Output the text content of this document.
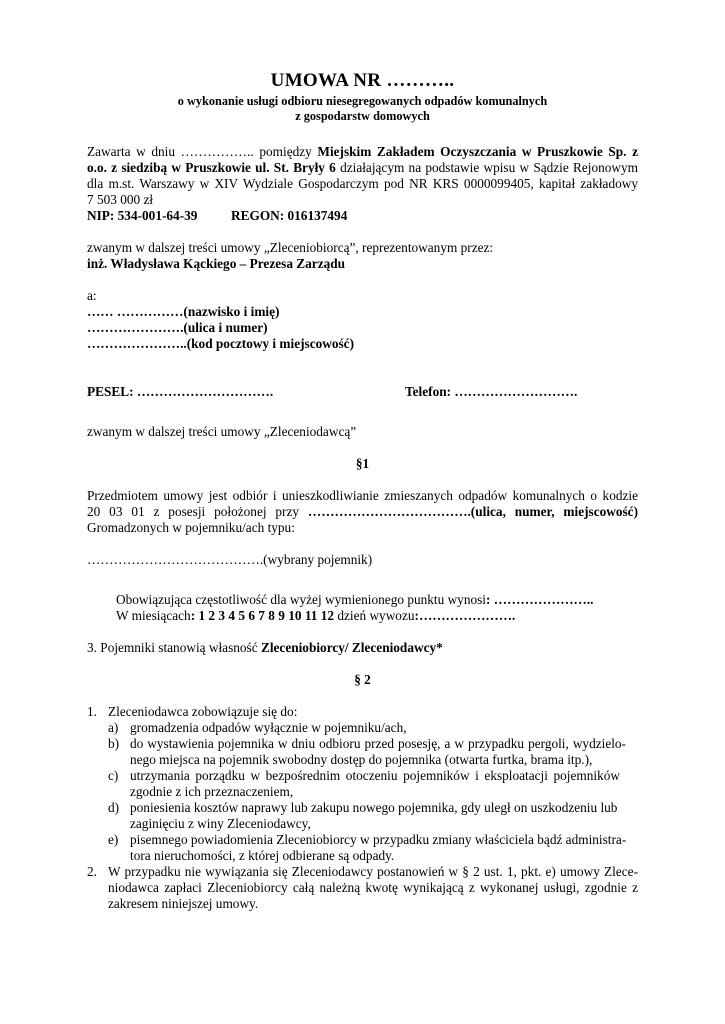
UMOWA NR ………..
o wykonanie usługi odbioru niesegregowanych odpadów komunalnych
z gospodarstw domowych
Zawarta w dniu …………….. pomiędzy Miejskim Zakładem Oczyszczania w Pruszkowie Sp. z
o.o. z siedzibą w Pruszkowie ul. St. Bryły 6 działającym na podstawie wpisu w Sądzie Rejonowym
dla m.st. Warszawy w XIV Wydziale Gospodarczym pod NR KRS 0000099405, kapitał zakładowy
7 503 000 zł
NIP: 534-001-64-39	REGON: 016137494
zwanym w dalszej treści umowy „Zleceniobiorcą”, reprezentowanym przez:
inż. Władysława Kąckiego – Prezesa Zarządu
a:
…… ……………(nazwisko i imię)
………………….(ulica i numer)
…………………..(kod pocztowy i miejscowość)
PESEL: ………………………….	Telefon: ……………………….
zwanym w dalszej treści umowy „Zleceniodawcą”
§1
Przedmiotem umowy jest odbiór i unieszkodliwianie zmieszanych odpadów komunalnych o kodzie
20 03 01 z posesji położonej przy ……………………………….(ulica, numer, miejscowość)
Gromadzonych w pojemniku/ach typu:
………………………………….(wybrany pojemnik)
Obowiązująca częstotliwość dla wyżej wymienionego punktu wynosi: …………………..
W miesiącach: 1 2 3 4 5 6 7 8 9 10 11 12 dzień wywozu:………………….
3. Pojemniki stanowią własność Zleceniobiorcy/ Zleceniodawcy*
§ 2
1. Zleceniodawca zobowiązuje się do:
a) gromadzenia odpadów wyłącznie w pojemniku/ach,
b) do wystawienia pojemnika w dniu odbioru przed posesję, a w przypadku pergoli, wydzielo-
nego miejsca na pojemnik swobodny dostęp do pojemnika (otwarta furtka, brama itp.),
c) utrzymania porządku w bezpośrednim otoczeniu pojemników i eksploatacji pojemników
zgodnie z ich przeznaczeniem,
d) poniesienia kosztów naprawy lub zakupu nowego pojemnika, gdy uległ on uszkodzeniu lub
zaginięciu z winy Zleceniodawcy,
e) pisemnego powiadomienia Zleceniobiorcy w przypadku zmiany właściciela bądź administra-
tora nieruchomości, z której odbierane są odpady.
2. W przypadku nie wywiązania się Zleceniodawcy postanowień w § 2 ust. 1, pkt. e) umowy Zlece-
niodawca zapłaci Zleceniobiorcy całą należną kwotę wynikającą z wykonanej usługi, zgodnie z
zakresem niniejszej umowy.
